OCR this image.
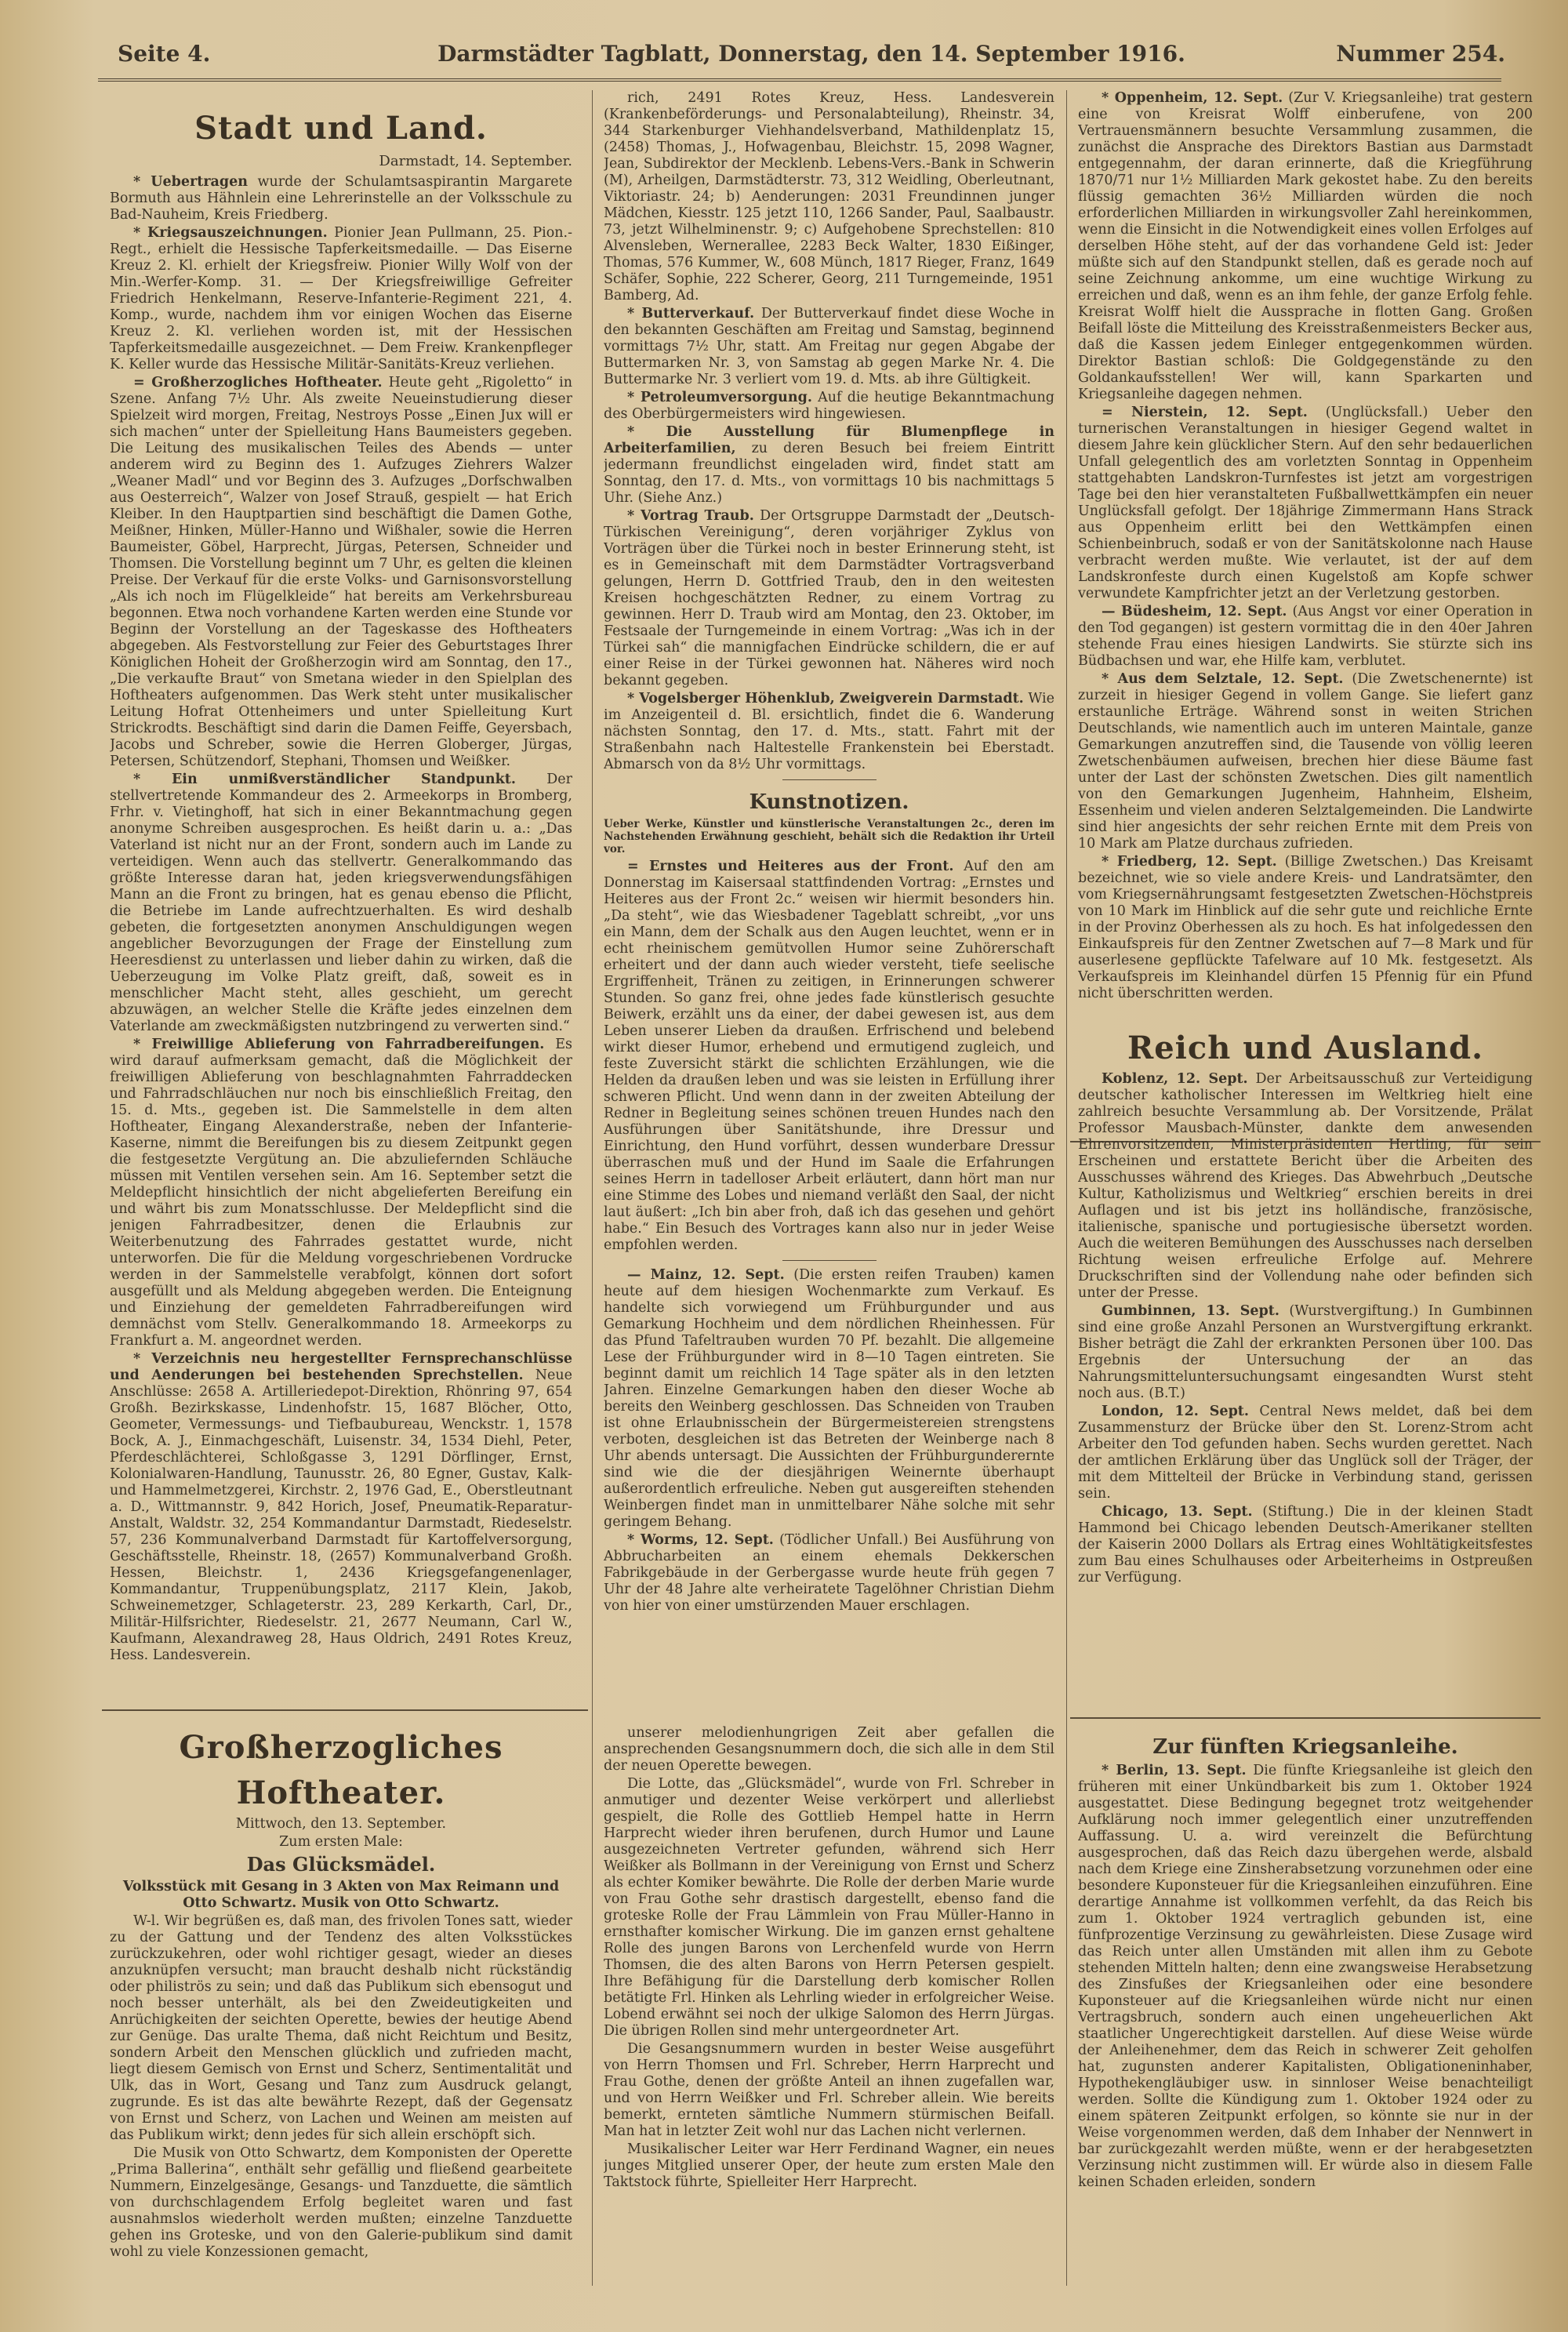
Seite 4.	Darmstädter Tagblatt, Donnerstag, den 14. September 1916.	Nummer 254.
Stadt und Land.
Darmstadt, 14. September.

* Uebertragen wurde der Schulamtsaspirantin Margarete Bormuth aus Hähnlein eine Lehrerinstelle an der Volksschule zu Bad-Nauheim, Kreis Friedberg.

* Kriegsauszeichnungen. Pionier Jean Pullmann, 25. Pion.-Regt., erhielt die Hessische Tapferkeitsmedaille. — Das Eiserne Kreuz 2. Kl. erhielt der Kriegsfreiw. Pionier Willy Wolf von der Min.-Werfer-Komp. 31. — Der Kriegsfreiwillige Gefreiter Friedrich Henkelmann, Reserve-Infanterie-Regiment 221, 4. Komp., wurde, nachdem ihm vor einigen Wochen das Eiserne Kreuz 2. Kl. verliehen worden ist, mit der Hessischen Tapferkeitsmedaille ausgezeichnet. — Dem Freiw. Krankenpfleger K. Keller wurde das Hessische Militär-Sanitäts-Kreuz verliehen.

= Großherzogliches Hoftheater. Heute geht „Rigoletto“ in Szene. Anfang 7½ Uhr. Als zweite Neueinstudierung dieser Spielzeit wird morgen, Freitag, Nestroys Posse „Einen Jux will er sich machen“ unter der Spielleitung Hans Baumeisters gegeben. Die Leitung des musikalischen Teiles des Abends — unter anderem wird zu Beginn des 1. Aufzuges Ziehrers Walzer „Weaner Madl“ und vor Beginn des 3. Aufzuges „Dorfschwalben aus Oesterreich“, Walzer von Josef Strauß, gespielt — hat Erich Kleiber. In den Hauptpartien sind beschäftigt die Damen Gothe, Meißner, Hinken, Müller-Hanno und Wißhaler, sowie die Herren Baumeister, Göbel, Harprecht, Jürgas, Petersen, Schneider und Thomsen. Die Vorstellung beginnt um 7 Uhr, es gelten die kleinen Preise. Der Verkauf für die erste Volks- und Garnisonsvorstellung „Als ich noch im Flügelkleide“ hat bereits am Verkehrsbureau begonnen. Etwa noch vorhandene Karten werden eine Stunde vor Beginn der Vorstellung an der Tageskasse des Hoftheaters abgegeben. Als Festvorstellung zur Feier des Geburtstages Ihrer Königlichen Hoheit der Großherzogin wird am Sonntag, den 17., „Die verkaufte Braut“ von Smetana wieder in den Spielplan des Hoftheaters aufgenommen. Das Werk steht unter musikalischer Leitung Hofrat Ottenheimers und unter Spielleitung Kurt Strickrodts. Beschäftigt sind darin die Damen Feiffe, Geyersbach, Jacobs und Schreber, sowie die Herren Globerger, Jürgas, Petersen, Schützendorf, Stephani, Thomsen und Weißker.

* Ein unmißverständlicher Standpunkt. Der stellvertretende Kommandeur des 2. Armeekorps in Bromberg, Frhr. v. Vietinghoff, hat sich in einer Bekanntmachung gegen anonyme Schreiben ausgesprochen. Es heißt darin u. a.: „Das Vaterland ist nicht nur an der Front, sondern auch im Lande zu verteidigen. Wenn auch das stellvertr. Generalkommando das größte Interesse daran hat, jeden kriegsverwendungsfähigen Mann an die Front zu bringen, hat es genau ebenso die Pflicht, die Betriebe im Lande aufrechtzuerhalten. Es wird deshalb gebeten, die fortgesetzten anonymen Anschuldigungen wegen angeblicher Bevorzugungen der Frage der Einstellung zum Heeresdienst zu unterlassen und lieber dahin zu wirken, daß die Ueberzeugung im Volke Platz greift, daß, soweit es in menschlicher Macht steht, alles geschieht, um gerecht abzuwägen, an welcher Stelle die Kräfte jedes einzelnen dem Vaterlande am zweckmäßigsten nutzbringend zu verwerten sind.“

* Freiwillige Ablieferung von Fahrradbereifungen. Es wird darauf aufmerksam gemacht, daß die Möglichkeit der freiwilligen Ablieferung von beschlagnahmten Fahrraddecken und Fahrradschläuchen nur noch bis einschließlich Freitag, den 15. d. Mts., gegeben ist. Die Sammelstelle in dem alten Hoftheater, Eingang Alexanderstraße, neben der Infanterie-Kaserne, nimmt die Bereifungen bis zu diesem Zeitpunkt gegen die festgesetzte Vergütung an. Die abzuliefernden Schläuche müssen mit Ventilen versehen sein. Am 16. September setzt die Meldepflicht hinsichtlich der nicht abgelieferten Bereifung ein und währt bis zum Monatsschlusse. Der Meldepflicht sind die jenigen Fahrradbesitzer, denen die Erlaubnis zur Weiterbenutzung des Fahrrades gestattet wurde, nicht unterworfen. Die für die Meldung vorgeschriebenen Vordrucke werden in der Sammelstelle verabfolgt, können dort sofort ausgefüllt und als Meldung abgegeben werden. Die Enteignung und Einziehung der gemeldeten Fahrradbereifungen wird demnächst vom Stellv. Generalkommando 18. Armeekorps zu Frankfurt a. M. angeordnet werden.

* Verzeichnis neu hergestellter Fernsprechanschlüsse und Aenderungen bei bestehenden Sprechstellen. Neue Anschlüsse: 2658 A. Artilleriedepot-Direktion, Rhönring 97, 654 Großh. Bezirkskasse, Lindenhofstr. 15, 1687 Blöcher, Otto, Geometer, Vermessungs- und Tiefbaubureau, Wenckstr. 1, 1578 Bock, A. J., Einmachgeschäft, Luisenstr. 34, 1534 Diehl, Peter, Pferdeschlächterei, Schloßgasse 3, 1291 Dörflinger, Ernst, Kolonialwaren-Handlung, Taunusstr. 26, 80 Egner, Gustav, Kalk- und Hammelmetzgerei, Kirchstr. 2, 1976 Gad, E., Oberstleutnant a. D., Wittmannstr. 9, 842 Horich, Josef, Pneumatik-Reparatur-Anstalt, Waldstr. 32, 254 Kommandantur Darmstadt, Riedeselstr. 57, 236 Kommunalverband Darmstadt für Kartoffelversorgung, Geschäftsstelle, Rheinstr. 18, (2657) Kommunalverband Großh. Hessen, Bleichstr. 1, 2436 Kriegsgefangenenlager, Kommandantur, Truppenübungsplatz, 2117 Klein, Jakob, Schweinemetzger, Schlageterstr. 23, 289 Kerkarth, Carl, Dr., Militär-Hilfsrichter, Riedeselstr. 21, 2677 Neumann, Carl W., Kaufmann, Alexandraweg 28, Haus Oldrich, 2491 Rotes Kreuz, Hess. Landesverein.

rich, 2491 Rotes Kreuz, Hess. Landesverein (Krankenbeförderungs- und Personalabteilung), Rheinstr. 34, 344 Starkenburger Viehhandelsverband, Mathildenplatz 15, (2458) Thomas, J., Hofwagenbau, Bleichstr. 15, 2098 Wagner, Jean, Subdirektor der Mecklenb. Lebens-Vers.-Bank in Schwerin (M), Arheilgen, Darmstädterstr. 73, 312 Weidling, Oberleutnant, Viktoriastr. 24; b) Aenderungen: 2031 Freundinnen junger Mädchen, Kiesstr. 125 jetzt 110, 1266 Sander, Paul, Saalbaustr. 73, jetzt Wilhelminenstr. 9; c) Aufgehobene Sprechstellen: 810 Alvensleben, Wernerallee, 2283 Beck Walter, 1830 Eißinger, Thomas, 576 Kummer, W., 608 Münch, 1817 Rieger, Franz, 1649 Schäfer, Sophie, 222 Scherer, Georg, 211 Turngemeinde, 1951 Bamberg, Ad.

* Butterverkauf. Der Butterverkauf findet diese Woche in den bekannten Geschäften am Freitag und Samstag, beginnend vormittags 7½ Uhr, statt. Am Freitag nur gegen Abgabe der Buttermarken Nr. 3, von Samstag ab gegen Marke Nr. 4. Die Buttermarke Nr. 3 verliert vom 19. d. Mts. ab ihre Gültigkeit.

* Petroleumversorgung. Auf die heutige Bekanntmachung des Oberbürgermeisters wird hingewiesen.

* Die Ausstellung für Blumenpflege in Arbeiterfamilien, zu deren Besuch bei freiem Eintritt jedermann freundlichst eingeladen wird, findet statt am Sonntag, den 17. d. Mts., von vormittags 10 bis nachmittags 5 Uhr. (Siehe Anz.)

* Vortrag Traub. Der Ortsgruppe Darmstadt der „Deutsch-Türkischen Vereinigung“, deren vorjähriger Zyklus von Vorträgen über die Türkei noch in bester Erinnerung steht, ist es in Gemeinschaft mit dem Darmstädter Vortragsverband gelungen, Herrn D. Gottfried Traub, den in den weitesten Kreisen hochgeschätzten Redner, zu einem Vortrag zu gewinnen. Herr D. Traub wird am Montag, den 23. Oktober, im Festsaale der Turngemeinde in einem Vortrag: „Was ich in der Türkei sah“ die mannigfachen Eindrücke schildern, die er auf einer Reise in der Türkei gewonnen hat. Näheres wird noch bekannt gegeben.

* Vogelsberger Höhenklub, Zweigverein Darmstadt. Wie im Anzeigenteil d. Bl. ersichtlich, findet die 6. Wanderung nächsten Sonntag, den 17. d. Mts., statt. Fahrt mit der Straßenbahn nach Haltestelle Frankenstein bei Eberstadt. Abmarsch von da 8½ Uhr vormittags.

Kunstnotizen.

Ueber Werke, Künstler und künstlerische Veranstaltungen 2c., deren im Nachstehenden Erwähnung geschieht, behält sich die Redaktion ihr Urteil vor.

= Ernstes und Heiteres aus der Front. Auf den am Donnerstag im Kaisersaal stattfindenden Vortrag: „Ernstes und Heiteres aus der Front 2c.“ weisen wir hiermit besonders hin. „Da steht“, wie das Wiesbadener Tageblatt schreibt, „vor uns ein Mann, dem der Schalk aus den Augen leuchtet, wenn er in echt rheinischem gemütvollen Humor seine Zuhörerschaft erheitert und der dann auch wieder versteht, tiefe seelische Ergriffenheit, Tränen zu zeitigen, in Erinnerungen schwerer Stunden. So ganz frei, ohne jedes fade künstlerisch gesuchte Beiwerk, erzählt uns da einer, der dabei gewesen ist, aus dem Leben unserer Lieben da draußen. Erfrischend und belebend wirkt dieser Humor, erhebend und ermutigend zugleich, und feste Zuversicht stärkt die schlichten Erzählungen, wie die Helden da draußen leben und was sie leisten in Erfüllung ihrer schweren Pflicht. Und wenn dann in der zweiten Abteilung der Redner in Begleitung seines schönen treuen Hundes nach den Ausführungen über Sanitätshunde, ihre Dressur und Einrichtung, den Hund vorführt, dessen wunderbare Dressur überraschen muß und der Hund im Saale die Erfahrungen seines Herrn in tadelloser Arbeit erläutert, dann hört man nur eine Stimme des Lobes und niemand verläßt den Saal, der nicht laut äußert: „Ich bin aber froh, daß ich das gesehen und gehört habe.“ Ein Besuch des Vortrages kann also nur in jeder Weise empfohlen werden.

— Mainz, 12. Sept. (Die ersten reifen Trauben) kamen heute auf dem hiesigen Wochenmarkte zum Verkauf. Es handelte sich vorwiegend um Frühburgunder und aus Gemarkung Hochheim und dem nördlichen Rheinhessen. Für das Pfund Tafeltrauben wurden 70 Pf. bezahlt. Die allgemeine Lese der Frühburgunder wird in 8—10 Tagen eintreten. Sie beginnt damit um reichlich 14 Tage später als in den letzten Jahren. Einzelne Gemarkungen haben den dieser Woche ab bereits den Weinberg geschlossen. Das Schneiden von Trauben ist ohne Erlaubnisschein der Bürgermeistereien strengstens verboten, desgleichen ist das Betreten der Weinberge nach 8 Uhr abends untersagt. Die Aussichten der Frühburgunderernte sind wie die der diesjährigen Weinernte überhaupt außerordentlich erfreuliche. Neben gut ausgereiften stehenden Weinbergen findet man in unmittelbarer Nähe solche mit sehr geringem Behang.

* Worms, 12. Sept. (Tödlicher Unfall.) Bei Ausführung von Abbrucharbeiten an einem ehemals Dekkerschen Fabrikgebäude in der Gerbergasse wurde heute früh gegen 7 Uhr der 48 Jahre alte verheiratete Tagelöhner Christian Diehm von hier von einer umstürzenden Mauer erschlagen.

* Oppenheim, 12. Sept. (Zur V. Kriegsanleihe) trat gestern eine von Kreisrat Wolff einberufene, von 200 Vertrauensmännern besuchte Versammlung zusammen, die zunächst die Ansprache des Direktors Bastian aus Darmstadt entgegennahm, der daran erinnerte, daß die Kriegführung 1870/71 nur 1½ Milliarden Mark gekostet habe. Zu den bereits flüssig gemachten 36½ Milliarden würden die noch erforderlichen Milliarden in wirkungsvoller Zahl hereinkommen, wenn die Einsicht in die Notwendigkeit eines vollen Erfolges auf derselben Höhe steht, auf der das vorhandene Geld ist: Jeder müßte sich auf den Standpunkt stellen, daß es gerade noch auf seine Zeichnung ankomme, um eine wuchtige Wirkung zu erreichen und daß, wenn es an ihm fehle, der ganze Erfolg fehle. Kreisrat Wolff hielt die Aussprache in flotten Gang. Großen Beifall löste die Mitteilung des Kreisstraßenmeisters Becker aus, daß die Kassen jedem Einleger entgegenkommen würden. Direktor Bastian schloß: Die Goldgegenstände zu den Goldankaufsstellen! Wer will, kann Sparkarten und Kriegsanleihe dagegen nehmen.

= Nierstein, 12. Sept. (Unglücksfall.) Ueber den turnerischen Veranstaltungen in hiesiger Gegend waltet in diesem Jahre kein glücklicher Stern. Auf den sehr bedauerlichen Unfall gelegentlich des am vorletzten Sonntag in Oppenheim stattgehabten Landskron-Turnfestes ist jetzt am vorgestrigen Tage bei den hier veranstalteten Fußballwettkämpfen ein neuer Unglücksfall gefolgt. Der 18jährige Zimmermann Hans Strack aus Oppenheim erlitt bei den Wettkämpfen einen Schienbeinbruch, sodaß er von der Sanitätskolonne nach Hause verbracht werden mußte. Wie verlautet, ist der auf dem Landskronfeste durch einen Kugelstoß am Kopfe schwer verwundete Kampfrichter jetzt an der Verletzung gestorben.

— Büdesheim, 12. Sept. (Aus Angst vor einer Operation in den Tod gegangen) ist gestern vormittag die in den 40er Jahren stehende Frau eines hiesigen Landwirts. Sie stürzte sich ins Büdbachsen und war, ehe Hilfe kam, verblutet.

* Aus dem Selztale, 12. Sept. (Die Zwetschenernte) ist zurzeit in hiesiger Gegend in vollem Gange. Sie liefert ganz erstaunliche Erträge. Während sonst in weiten Strichen Deutschlands, wie namentlich auch im unteren Maintale, ganze Gemarkungen anzutreffen sind, die Tausende von völlig leeren Zwetschenbäumen aufweisen, brechen hier diese Bäume fast unter der Last der schönsten Zwetschen. Dies gilt namentlich von den Gemarkungen Jugenheim, Hahnheim, Elsheim, Essenheim und vielen anderen Selztalgemeinden. Die Landwirte sind hier angesichts der sehr reichen Ernte mit dem Preis von 10 Mark am Platze durchaus zufrieden.

* Friedberg, 12. Sept. (Billige Zwetschen.) Das Kreisamt bezeichnet, wie so viele andere Kreis- und Landratsämter, den vom Kriegsernährungsamt festgesetzten Zwetschen-Höchstpreis von 10 Mark im Hinblick auf die sehr gute und reichliche Ernte in der Provinz Oberhessen als zu hoch. Es hat infolgedessen den Einkaufspreis für den Zentner Zwetschen auf 7—8 Mark und für auserlesene gepflückte Tafelware auf 10 Mk. festgesetzt. Als Verkaufspreis im Kleinhandel dürfen 15 Pfennig für ein Pfund nicht überschritten werden.

Reich und Ausland.

Koblenz, 12. Sept. Der Arbeitsausschuß zur Verteidigung deutscher katholischer Interessen im Weltkrieg hielt eine zahlreich besuchte Versammlung ab. Der Vorsitzende, Prälat Professor Mausbach-Münster, dankte dem anwesenden Ehrenvorsitzenden, Ministerpräsidenten Hertling, für sein Erscheinen und erstattete Bericht über die Arbeiten des Ausschusses während des Krieges. Das Abwehrbuch „Deutsche Kultur, Katholizismus und Weltkrieg“ erschien bereits in drei Auflagen und ist bis jetzt ins holländische, französische, italienische, spanische und portugiesische übersetzt worden. Auch die weiteren Bemühungen des Ausschusses nach derselben Richtung weisen erfreuliche Erfolge auf. Mehrere Druckschriften sind der Vollendung nahe oder befinden sich unter der Presse.

Gumbinnen, 13. Sept. (Wurstvergiftung.) In Gumbinnen sind eine große Anzahl Personen an Wurstvergiftung erkrankt. Bisher beträgt die Zahl der erkrankten Personen über 100. Das Ergebnis der Untersuchung der an das Nahrungsmitteluntersuchungsamt eingesandten Wurst steht noch aus. (B.T.)

London, 12. Sept. Central News meldet, daß bei dem Zusammensturz der Brücke über den St. Lorenz-Strom acht Arbeiter den Tod gefunden haben. Sechs wurden gerettet. Nach der amtlichen Erklärung über das Unglück soll der Träger, der mit dem Mittelteil der Brücke in Verbindung stand, gerissen sein.

Chicago, 13. Sept. (Stiftung.) Die in der kleinen Stadt Hammond bei Chicago lebenden Deutsch-Amerikaner stellten der Kaiserin 2000 Dollars als Ertrag eines Wohltätigkeitsfestes zum Bau eines Schulhauses oder Arbeiterheims in Ostpreußen zur Verfügung.

Großherzogliches Hoftheater.

Mittwoch, den 13. September.

Zum ersten Male:

Das Glücksmädel.

Volksstück mit Gesang in 3 Akten von Max Reimann und Otto Schwartz. Musik von Otto Schwartz.

W-l. Wir begrüßen es, daß man, des frivolen Tones satt, wieder zu der Gattung und der Tendenz des alten Volksstückes zurückzukehren, oder wohl richtiger gesagt, wieder an dieses anzuknüpfen versucht; man braucht deshalb nicht rückständig oder philiströs zu sein; und daß das Publikum sich ebensogut und noch besser unterhält, als bei den Zweideutigkeiten und Anrüchigkeiten der seichten Operette, bewies der heutige Abend zur Genüge. Das uralte Thema, daß nicht Reichtum und Besitz, sondern Arbeit den Menschen glücklich und zufrieden macht, liegt diesem Gemisch von Ernst und Scherz, Sentimentalität und Ulk, das in Wort, Gesang und Tanz zum Ausdruck gelangt, zugrunde. Es ist das alte bewährte Rezept, daß der Gegensatz von Ernst und Scherz, von Lachen und Weinen am meisten auf das Publikum wirkt; denn jedes für sich allein erschöpft sich.

Die Musik von Otto Schwartz, dem Komponisten der Operette „Prima Ballerina“, enthält sehr gefällig und fließend gearbeitete Nummern, Einzelgesänge, Gesangs- und Tanzduette, die sämtlich von durchschlagendem Erfolg begleitet waren und fast ausnahmslos wiederholt werden mußten; einzelne Tanzduette gehen ins Groteske, und von den Galerie-publikum sind damit wohl zu viele Konzessionen gemacht,

unserer melodienhungrigen Zeit aber gefallen die ansprechenden Gesangsnummern doch, die sich alle in dem Stil der neuen Operette bewegen.

Die Lotte, das „Glücksmädel“, wurde von Frl. Schreber in anmutiger und dezenter Weise verkörpert und allerliebst gespielt, die Rolle des Gottlieb Hempel hatte in Herrn Harprecht wieder ihren berufenen, durch Humor und Laune ausgezeichneten Vertreter gefunden, während sich Herr Weißker als Bollmann in der Vereinigung von Ernst und Scherz als echter Komiker bewährte. Die Rolle der derben Marie wurde von Frau Gothe sehr drastisch dargestellt, ebenso fand die groteske Rolle der Frau Lämmlein von Frau Müller-Hanno in ernsthafter komischer Wirkung. Die im ganzen ernst gehaltene Rolle des jungen Barons von Lerchenfeld wurde von Herrn Thomsen, die des alten Barons von Herrn Petersen gespielt. Ihre Befähigung für die Darstellung derb komischer Rollen betätigte Frl. Hinken als Lehrling wieder in erfolgreicher Weise. Lobend erwähnt sei noch der ulkige Salomon des Herrn Jürgas. Die übrigen Rollen sind mehr untergeordneter Art.

Die Gesangsnummern wurden in bester Weise ausgeführt von Herrn Thomsen und Frl. Schreber, Herrn Harprecht und Frau Gothe, denen der größte Anteil an ihnen zugefallen war, und von Herrn Weißker und Frl. Schreber allein. Wie bereits bemerkt, ernteten sämtliche Nummern stürmischen Beifall. Man hat in letzter Zeit wohl nur das Lachen nicht verlernen.

Musikalischer Leiter war Herr Ferdinand Wagner, ein neues junges Mitglied unserer Oper, der heute zum ersten Male den Taktstock führte, Spielleiter Herr Harprecht.

Zur fünften Kriegsanleihe.

* Berlin, 13. Sept. Die fünfte Kriegsanleihe ist gleich den früheren mit einer Unkündbarkeit bis zum 1. Oktober 1924 ausgestattet. Diese Bedingung begegnet trotz weitgehender Aufklärung noch immer gelegentlich einer unzutreffenden Auffassung. U. a. wird vereinzelt die Befürchtung ausgesprochen, daß das Reich dazu übergehen werde, alsbald nach dem Kriege eine Zinsherabsetzung vorzunehmen oder eine besondere Kuponsteuer für die Kriegsanleihen einzuführen. Eine derartige Annahme ist vollkommen verfehlt, da das Reich bis zum 1. Oktober 1924 vertraglich gebunden ist, eine fünfprozentige Verzinsung zu gewährleisten. Diese Zusage wird das Reich unter allen Umständen mit allen ihm zu Gebote stehenden Mitteln halten; denn eine zwangsweise Herabsetzung des Zinsfußes der Kriegsanleihen oder eine besondere Kuponsteuer auf die Kriegsanleihen würde nicht nur einen Vertragsbruch, sondern auch einen ungeheuerlichen Akt staatlicher Ungerechtigkeit darstellen. Auf diese Weise würde der Anleihenehmer, dem das Reich in schwerer Zeit geholfen hat, zugunsten anderer Kapitalisten, Obligationeninhaber, Hypothekengläubiger usw. in sinnloser Weise benachteiligt werden. Sollte die Kündigung zum 1. Oktober 1924 oder zu einem späteren Zeitpunkt erfolgen, so könnte sie nur in der Weise vorgenommen werden, daß dem Inhaber der Nennwert in bar zurückgezahlt werden müßte, wenn er der herabgesetzten Verzinsung nicht zustimmen will. Er würde also in diesem Falle keinen Schaden erleiden, sondern
